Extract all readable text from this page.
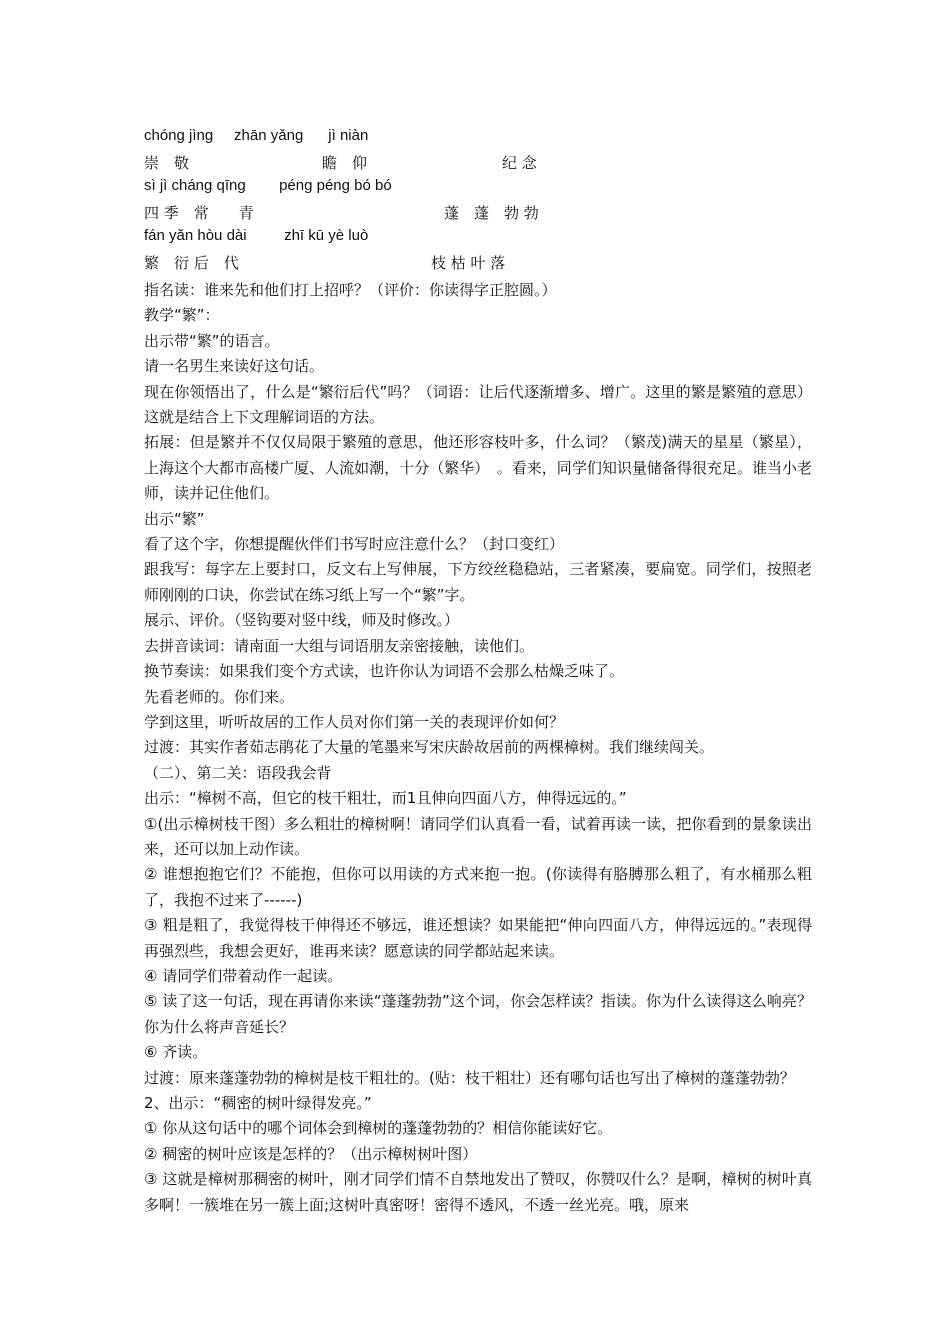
chóng jìng     zhān yǎng      jì niàn
崇　敬	瞻　仰	纪 念
sì jì cháng qīng        péng péng bó bó
四 季　常　　青	蓬　蓬　勃 勃
fán yǎn hòu dài         zhī kū yè luò
繁　衍 后　代	枝 枯 叶 落

指名读：谁来先和他们打上招呼？（评价：你读得字正腔圆。）

教学“繁”：

出示带“繁”的语言。

请一名男生来读好这句话。

现在你领悟出了，什么是“繁衍后代”吗？（词语：让后代逐渐增多、增广。这里的繁是繁殖的意思）这就是结合上下文理解词语的方法。

拓展：但是繁并不仅仅局限于繁殖的意思，他还形容枝叶多，什么词？（繁茂)满天的星星（繁星），上海这个大都市高楼广厦、人流如潮，十分（繁华）　。看来，同学们知识量储备得很充足。谁当小老师，读并记住他们。

出示“繁”

看了这个字，你想提醒伙伴们书写时应注意什么？（封口变红）

跟我写：每字左上要封口，反文右上写伸展，下方绞丝稳稳站，三者紧凑，要扁宽。同学们，按照老师刚刚的口诀，你尝试在练习纸上写一个“繁”字。

展示、评价。（竖钩要对竖中线，师及时修改。）

去拼音读词：请南面一大组与词语朋友亲密接触，读他们。

换节奏读：如果我们变个方式读，也许你认为词语不会那么枯燥乏味了。

先看老师的。你们来。

学到这里，听听故居的工作人员对你们第一关的表现评价如何？

过渡：其实作者茹志鹃花了大量的笔墨来写宋庆龄故居前的两棵樟树。我们继续闯关。

（二）、第二关：语段我会背

出示：“樟树不高，但它的枝干粗壮，而1且伸向四面八方，伸得远远的。”

①(出示樟树枝干图）多么粗壮的樟树啊！请同学们认真看一看，试着再读一读，把你看到的景象读出来，还可以加上动作读。

② 谁想抱抱它们？不能抱，但你可以用读的方式来抱一抱。(你读得有胳膊那么粗了，有水桶那么粗了，我抱不过来了------)

③ 粗是粗了，我觉得枝干伸得还不够远，谁还想读？如果能把“伸向四面八方，伸得远远的。”表现得再强烈些，我想会更好，谁再来读？愿意读的同学都站起来读。

④ 请同学们带着动作一起读。

⑤ 读了这一句话，现在再请你来读“蓬蓬勃勃”这个词，你会怎样读？指读。你为什么读得这么响亮？你为什么将声音延长？

⑥ 齐读。

过渡：原来蓬蓬勃勃的樟树是枝干粗壮的。(贴：枝干粗壮）还有哪句话也写出了樟树的蓬蓬勃勃？

2、出示：“稠密的树叶绿得发亮。”

① 你从这句话中的哪个词体会到樟树的蓬蓬勃勃的？相信你能读好它。

② 稠密的树叶应该是怎样的？（出示樟树树叶图）

③ 这就是樟树那稠密的树叶，刚才同学们情不自禁地发出了赞叹，你赞叹什么？是啊，樟树的树叶真多啊！一簇堆在另一簇上面;这树叶真密呀！密得不透风，不透一丝光亮。哦，原来
